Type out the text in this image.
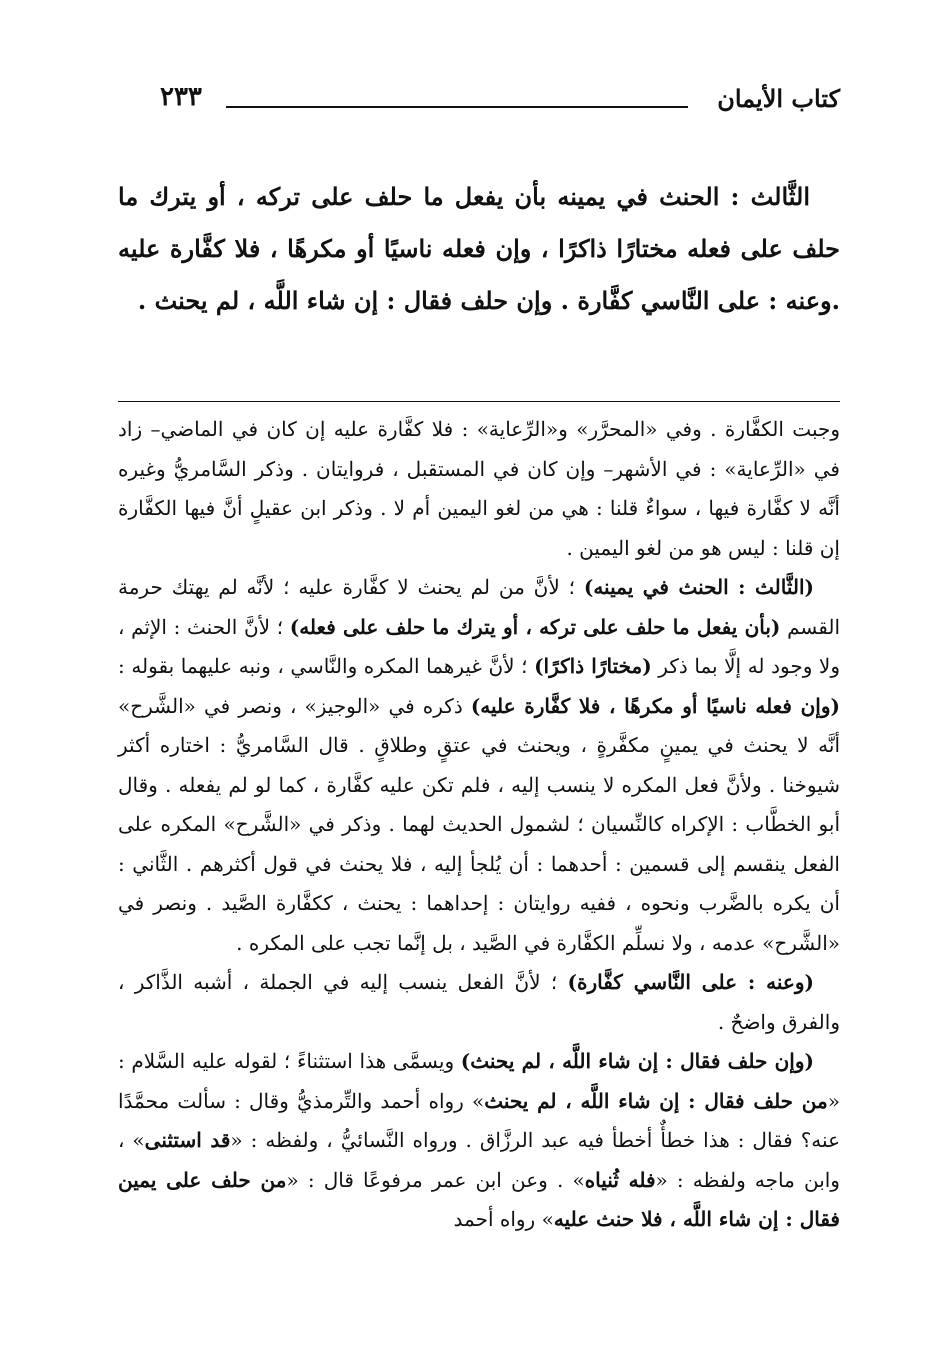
كتاب الأيمان
٢٣٣

الثَّالث : الحنث في يمينه بأن يفعل ما حلف على تركه ، أو يترك ما حلف على فعله مختارًا ذاكرًا ، وإن فعله ناسيًا أو مكرهًا ، فلا كفَّارة عليه .وعنه : على النَّاسي كفَّارة . وإن حلف فقال : إن شاء اللَّه ، لم يحنث .

وجبت الكفَّارة . وفي «المحرَّر» و«الرِّعاية» : فلا كفَّارة عليه إن كان في الماضي– زاد في «الرِّعاية» : في الأشهر– وإن كان في المستقبل ، فروايتان . وذكر السَّامريُّ وغيره أنَّه لا كفَّارة فيها ، سواءٌ قلنا : هي من لغو اليمين أم لا . وذكر ابن عقيلٍ أنَّ فيها الكفَّارة إن قلنا : ليس هو من لغو اليمين .

(الثَّالث : الحنث في يمينه) ؛ لأنَّ من لم يحنث لا كفَّارة عليه ؛ لأنَّه لم يهتك حرمة القسم (بأن يفعل ما حلف على تركه ، أو يترك ما حلف على فعله) ؛ لأنَّ الحنث : الإثم ، ولا وجود له إلَّا بما ذكر (مختارًا ذاكرًا) ؛ لأنَّ غيرهما المكره والنَّاسي ، ونبه عليهما بقوله : (وإن فعله ناسيًا أو مكرهًا ، فلا كفَّارة عليه) ذكره في «الوجيز» ، ونصر في «الشَّرح» أنَّه لا يحنث في يمينٍ مكفَّرةٍ ، ويحنث في عتقٍ وطلاقٍ . قال السَّامريُّ : اختاره أكثر شيوخنا . ولأنَّ فعل المكره لا ينسب إليه ، فلم تكن عليه كفَّارة ، كما لو لم يفعله . وقال أبو الخطَّاب : الإكراه كالنِّسيان ؛ لشمول الحديث لهما . وذكر في «الشَّرح» المكره على الفعل ينقسم إلى قسمين : أحدهما : أن يُلجأ إليه ، فلا يحنث في قول أكثرهم . الثَّاني : أن يكره بالضَّرب ونحوه ، ففيه روايتان : إحداهما : يحنث ، ككفَّارة الصَّيد . ونصر في «الشَّرح» عدمه ، ولا نسلِّم الكفَّارة في الصَّيد ، بل إنَّما تجب على المكره .

(وعنه : على النَّاسي كفَّارة) ؛ لأنَّ الفعل ينسب إليه في الجملة ، أشبه الذَّاكر ، والفرق واضحٌ .

(وإن حلف فقال : إن شاء اللَّه ، لم يحنث) ويسمَّى هذا استثناءً ؛ لقوله عليه السَّلام : «من حلف فقال : إن شاء اللَّه ، لم يحنث» رواه أحمد والتِّرمذيُّ وقال : سألت محمَّدًا عنه؟ فقال : هذا خطأٌ أخطأ فيه عبد الرزَّاق . ورواه النَّسائيُّ ، ولفظه : «قد استثنى» ، وابن ماجه ولفظه : «فله ثُنياه» . وعن ابن عمر مرفوعًا قال : «من حلف على يمين فقال : إن شاء اللَّه ، فلا حنث عليه» رواه أحمد
